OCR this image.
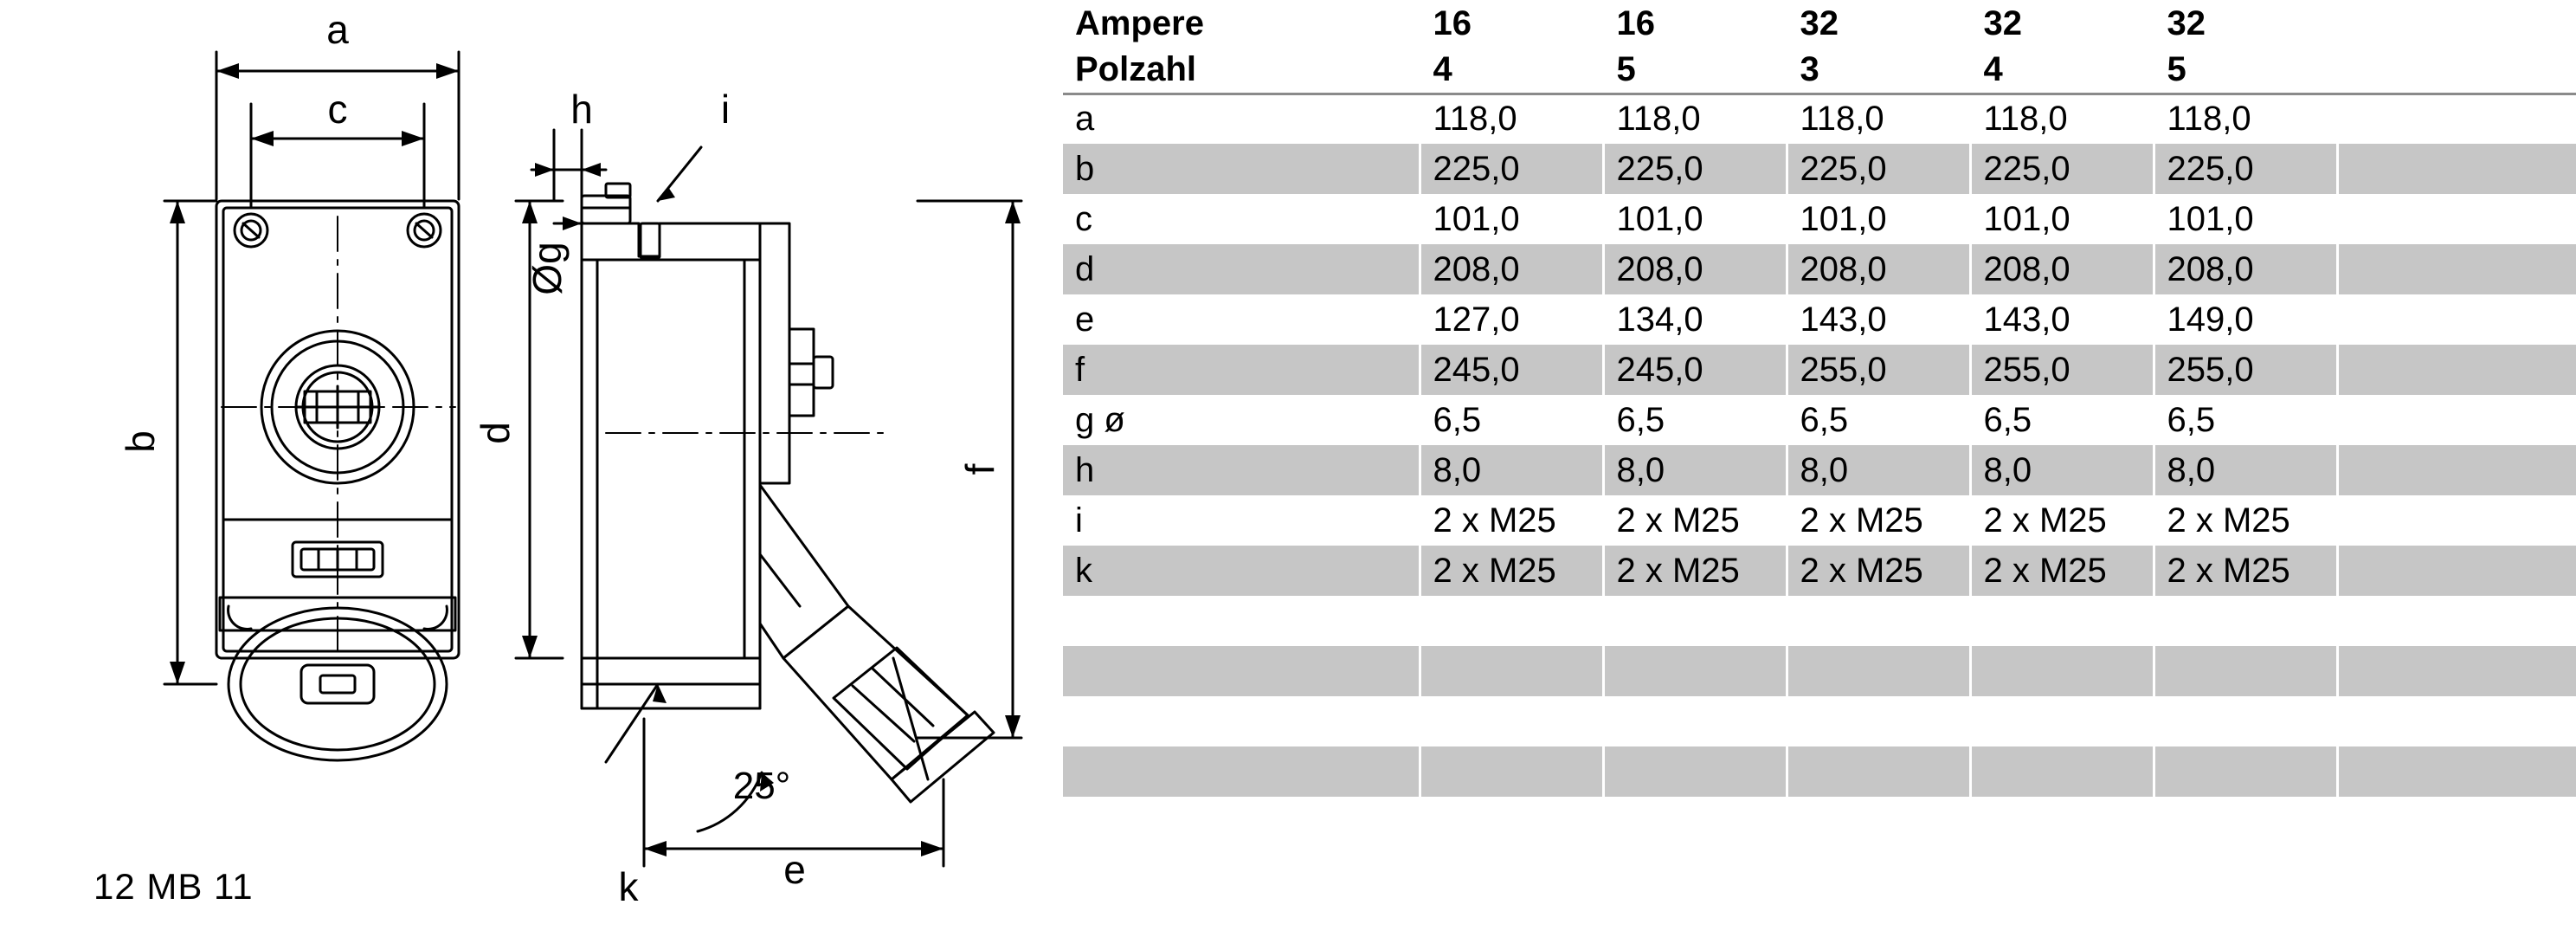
a
c	h	i
k	e
25°
b	d
f
Øg
12 MB 11
Ampere	16	16	32	32	32	
Polzahl	4	5	3	4	5	
a	118,0	118,0	118,0	118,0	118,0	
b	225,0	225,0	225,0	225,0	225,0	
c	101,0	101,0	101,0	101,0	101,0	
d	208,0	208,0	208,0	208,0	208,0	
e	127,0	134,0	143,0	143,0	149,0	
f	245,0	245,0	255,0	255,0	255,0	
g ø	6,5	6,5	6,5	6,5	6,5	
h	8,0	8,0	8,0	8,0	8,0	
i	2 x M25	2 x M25	2 x M25	2 x M25	2 x M25	
k	2 x M25	2 x M25	2 x M25	2 x M25	2 x M25	
